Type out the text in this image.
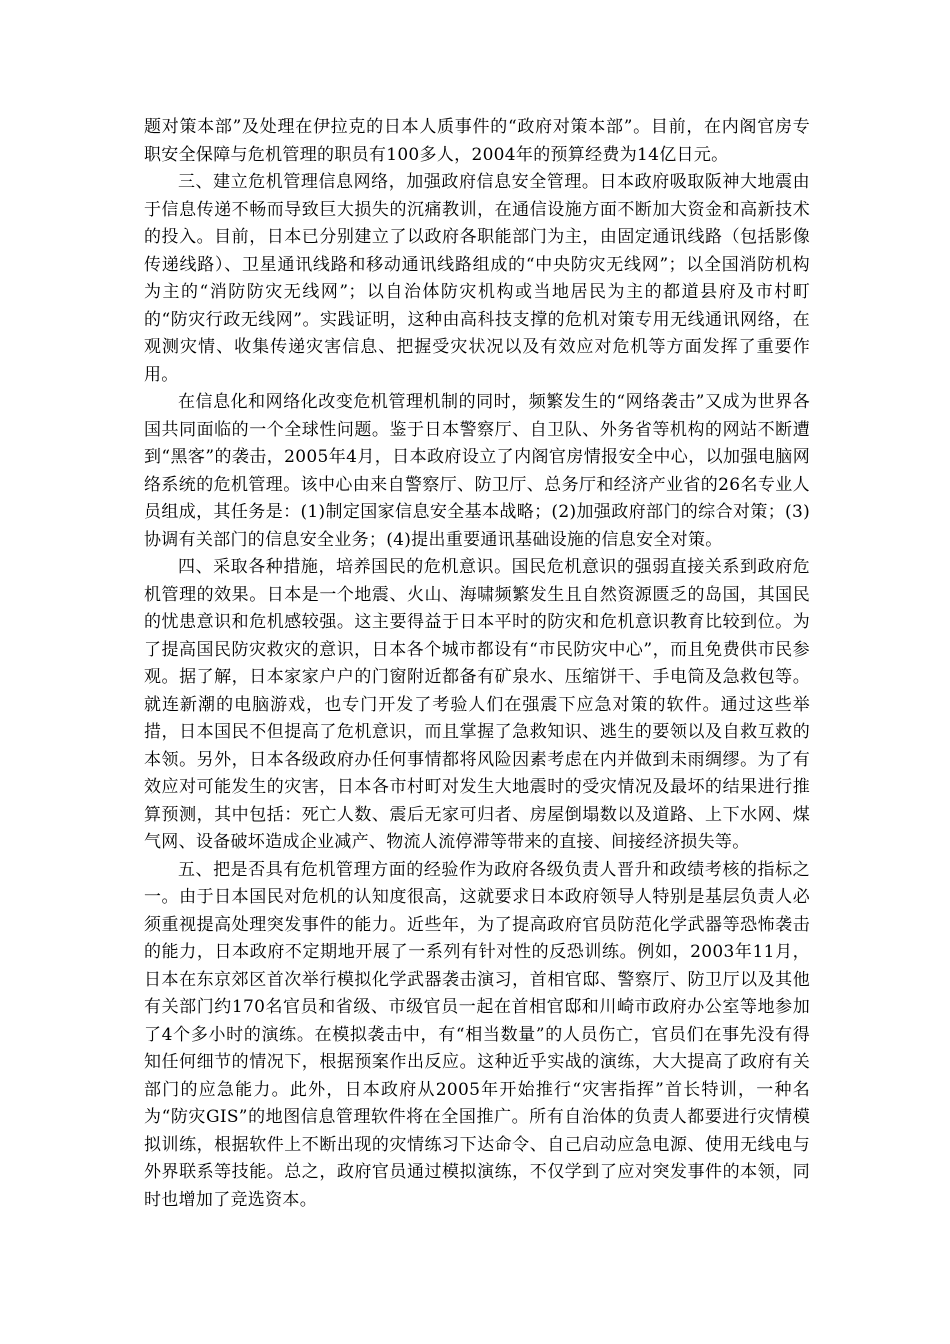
题对策本部”及处理在伊拉克的日本人质事件的“政府对策本部”。目前，在内阁官房专职安全保障与危机管理的职员有100多人，2004年的预算经费为14亿日元。

三、建立危机管理信息网络，加强政府信息安全管理。日本政府吸取阪神大地震由于信息传递不畅而导致巨大损失的沉痛教训，在通信设施方面不断加大资金和高新技术的投入。目前，日本已分别建立了以政府各职能部门为主，由固定通讯线路（包括影像传递线路）、卫星通讯线路和移动通讯线路组成的“中央防灾无线网”；以全国消防机构为主的“消防防灾无线网”；以自治体防灾机构或当地居民为主的都道县府及市村町的“防灾行政无线网”。实践证明，这种由高科技支撑的危机对策专用无线通讯网络，在观测灾情、收集传递灾害信息、把握受灾状况以及有效应对危机等方面发挥了重要作用。

在信息化和网络化改变危机管理机制的同时，频繁发生的“网络袭击”又成为世界各国共同面临的一个全球性问题。鉴于日本警察厅、自卫队、外务省等机构的网站不断遭到“黑客”的袭击，2005年4月，日本政府设立了内阁官房情报安全中心，以加强电脑网络系统的危机管理。该中心由来自警察厅、防卫厅、总务厅和经济产业省的26名专业人员组成，其任务是：(1)制定国家信息安全基本战略；(2)加强政府部门的综合对策；(3)协调有关部门的信息安全业务；(4)提出重要通讯基础设施的信息安全对策。

四、采取各种措施，培养国民的危机意识。国民危机意识的强弱直接关系到政府危机管理的效果。日本是一个地震、火山、海啸频繁发生且自然资源匮乏的岛国，其国民的忧患意识和危机感较强。这主要得益于日本平时的防灾和危机意识教育比较到位。为了提高国民防灾救灾的意识，日本各个城市都设有“市民防灾中心”，而且免费供市民参观。据了解，日本家家户户的门窗附近都备有矿泉水、压缩饼干、手电筒及急救包等。就连新潮的电脑游戏，也专门开发了考验人们在强震下应急对策的软件。通过这些举措，日本国民不但提高了危机意识，而且掌握了急救知识、逃生的要领以及自救互救的本领。另外，日本各级政府办任何事情都将风险因素考虑在内并做到未雨绸缪。为了有效应对可能发生的灾害，日本各市村町对发生大地震时的受灾情况及最坏的结果进行推算预测，其中包括：死亡人数、震后无家可归者、房屋倒塌数以及道路、上下水网、煤气网、设备破坏造成企业减产、物流人流停滞等带来的直接、间接经济损失等。

五、把是否具有危机管理方面的经验作为政府各级负责人晋升和政绩考核的指标之一。由于日本国民对危机的认知度很高，这就要求日本政府领导人特别是基层负责人必须重视提高处理突发事件的能力。近些年，为了提高政府官员防范化学武器等恐怖袭击的能力，日本政府不定期地开展了一系列有针对性的反恐训练。例如，2003年11月，日本在东京郊区首次举行模拟化学武器袭击演习，首相官邸、警察厅、防卫厅以及其他有关部门约170名官员和省级、市级官员一起在首相官邸和川崎市政府办公室等地参加了4个多小时的演练。在模拟袭击中，有“相当数量”的人员伤亡，官员们在事先没有得知任何细节的情况下，根据预案作出反应。这种近乎实战的演练，大大提高了政府有关部门的应急能力。此外，日本政府从2005年开始推行“灾害指挥”首长特训，一种名为“防灾GIS”的地图信息管理软件将在全国推广。所有自治体的负责人都要进行灾情模拟训练，根据软件上不断出现的灾情练习下达命令、自己启动应急电源、使用无线电与外界联系等技能。总之，政府官员通过模拟演练，不仅学到了应对突发事件的本领，同时也增加了竞选资本。
